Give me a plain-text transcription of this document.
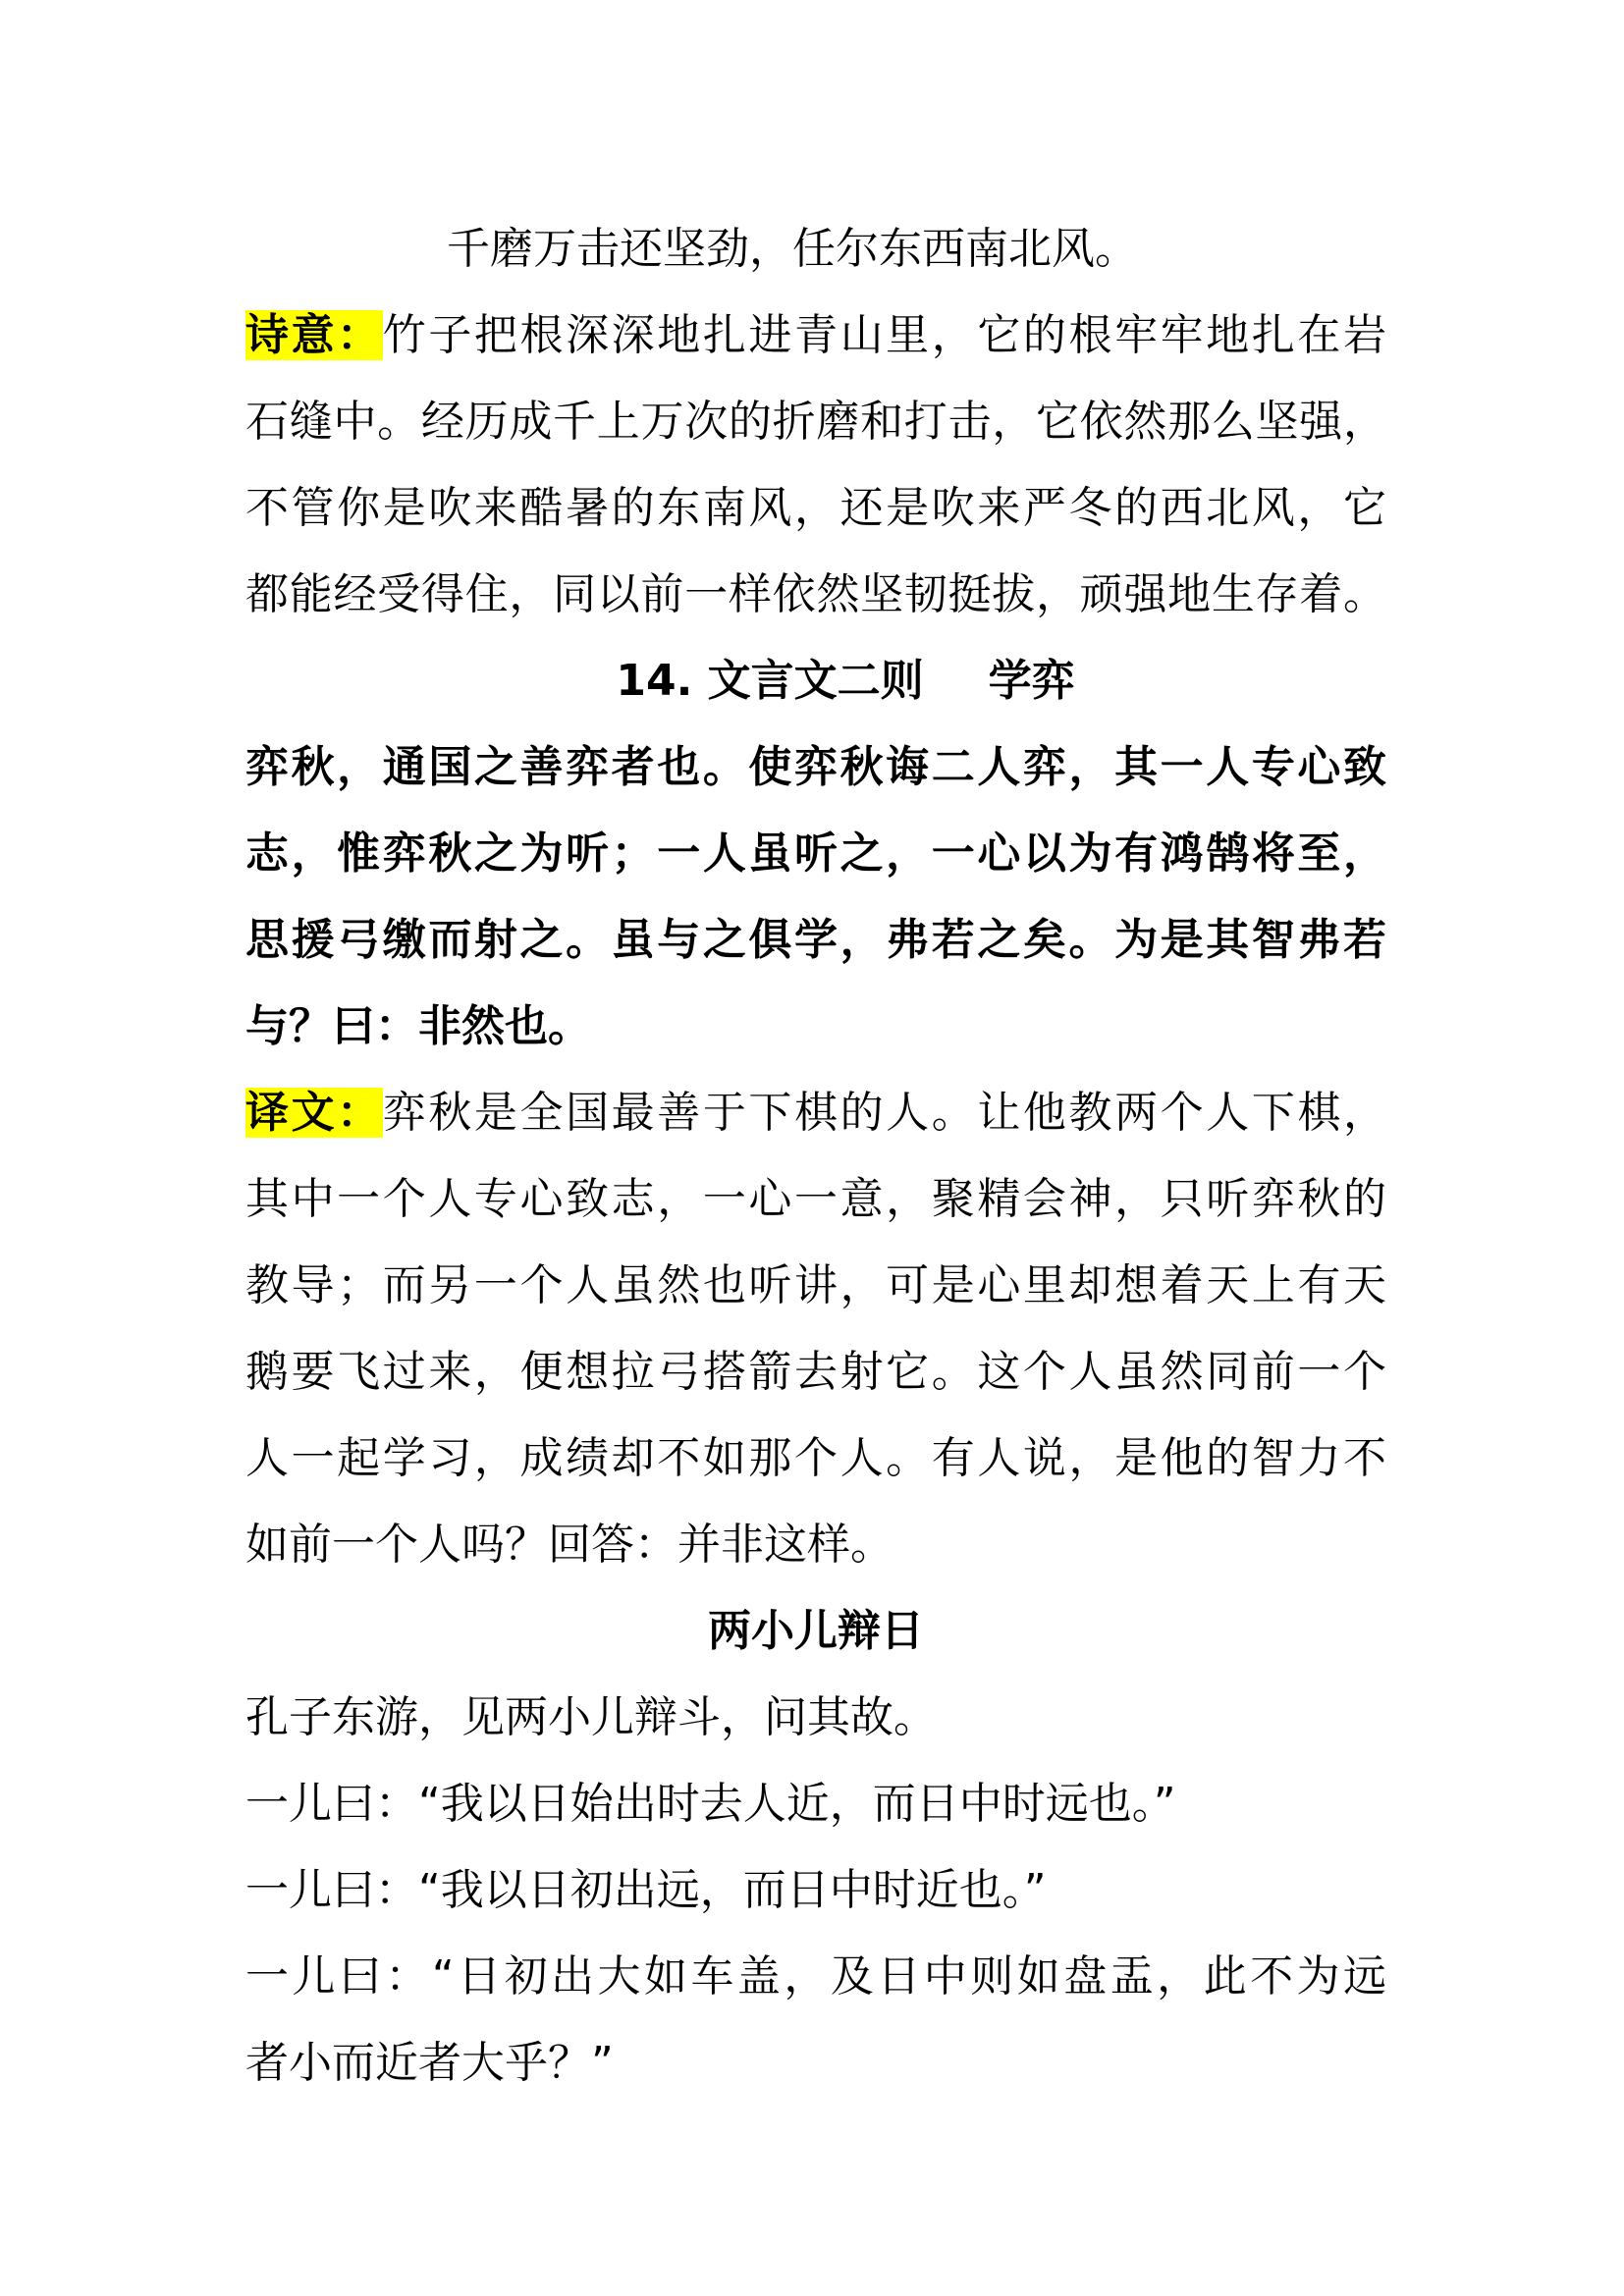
千磨万击还坚劲，任尔东西南北风。

诗意：竹子把根深深地扎进青山里，它的根牢牢地扎在岩

石缝中。经历成千上万次的折磨和打击，它依然那么坚强，

不管你是吹来酷暑的东南风，还是吹来严冬的西北风，它

都能经受得住，同以前一样依然坚韧挺拔，顽强地生存着。

14. 文言文二则 学弈

弈秋，通国之善弈者也。使弈秋诲二人弈，其一人专心致

志，惟弈秋之为听；一人虽听之，一心以为有鸿鹄将至，

思援弓缴而射之。虽与之俱学，弗若之矣。为是其智弗若

与？曰：非然也。

译文：弈秋是全国最善于下棋的人。让他教两个人下棋，

其中一个人专心致志，一心一意，聚精会神，只听弈秋的

教导；而另一个人虽然也听讲，可是心里却想着天上有天

鹅要飞过来，便想拉弓搭箭去射它。这个人虽然同前一个

人一起学习，成绩却不如那个人。有人说，是他的智力不

如前一个人吗？回答：并非这样。

两小儿辩日

孔子东游，见两小儿辩斗，问其故。

一儿曰：“我以日始出时去人近，而日中时远也。”

一儿曰：“我以日初出远，而日中时近也。”

一儿曰：“日初出大如车盖，及日中则如盘盂，此不为远

者小而近者大乎？”
